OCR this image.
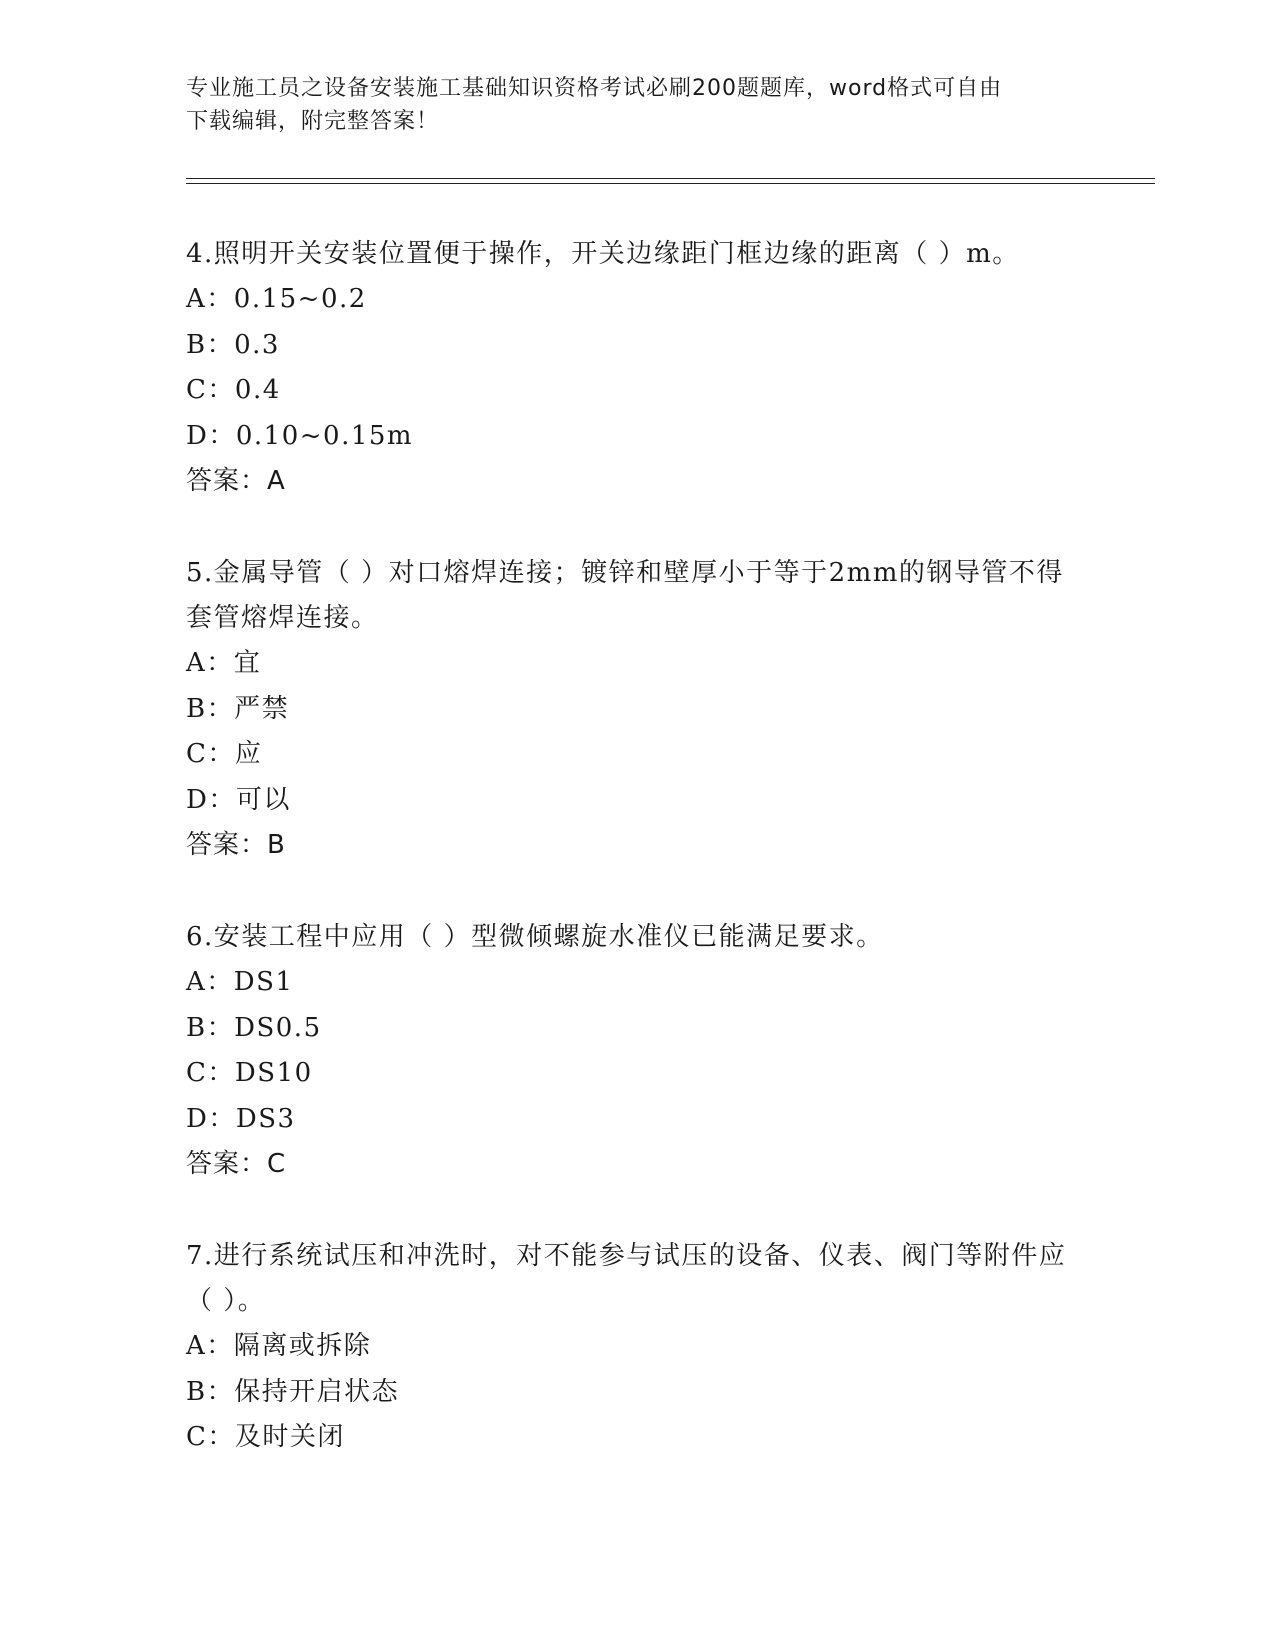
专业施工员之设备安装施工基础知识资格考试必刷200题题库，word格式可自由
下载编辑，附完整答案！
4.照明开关安装位置便于操作，开关边缘距门框边缘的距离（ ）m。
A：0.15~0.2
B：0.3
C：0.4
D：0.10~0.15m
答案：A
5.金属导管（ ）对口熔焊连接；镀锌和壁厚小于等于2mm的钢导管不得套管熔焊连接。
A：宜
B：严禁
C：应
D：可以
答案：B
6.安装工程中应用（ ）型微倾螺旋水准仪已能满足要求。
A：DS1
B：DS0.5
C：DS10
D：DS3
答案：C
7.进行系统试压和冲洗时，对不能参与试压的设备、仪表、阀门等附件应（ ）。
A：隔离或拆除
B：保持开启状态
C：及时关闭
